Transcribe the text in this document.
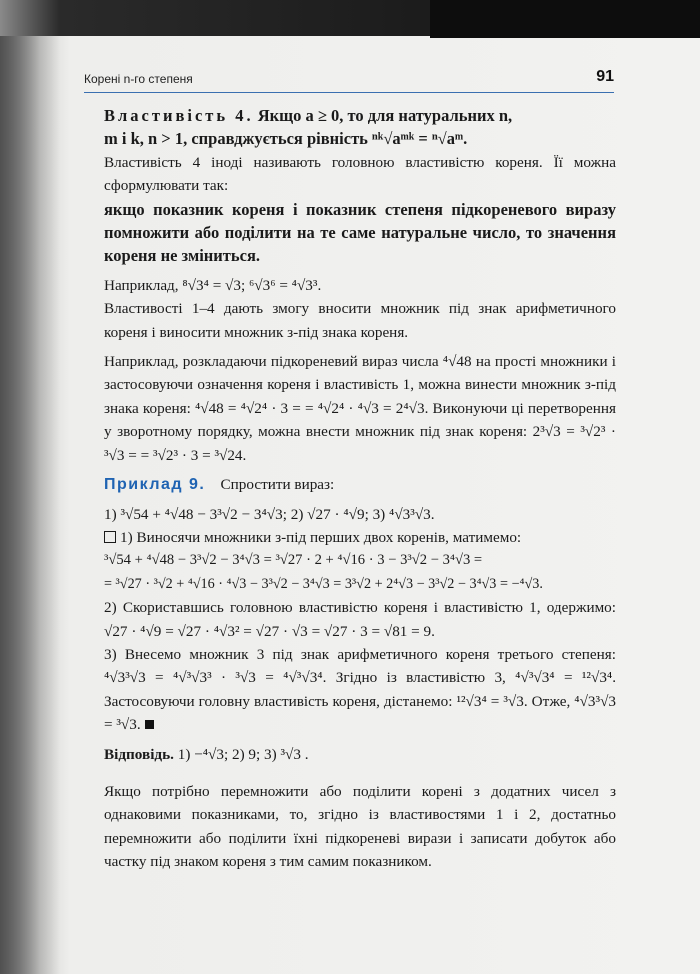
Корені n-го степеня	91

Властивість 4. Якщо a ≥ 0, то для натуральних n,

m і k, n > 1, справджується рівність ⁿᵏ√aᵐᵏ = ⁿ√aᵐ.

Властивість 4 іноді називають головною властивістю кореня. Її можна сформулювати так:

якщо показник кореня і показник степеня підкореневого виразу помножити або поділити на те саме натуральне число, то значення кореня не зміниться.

Наприклад, ⁸√3⁴ = √3; ⁶√3⁶ = ⁴√3³.

Властивості 1–4 дають змогу вносити множник під знак арифметичного кореня і виносити множник з-під знака кореня.

Наприклад, розкладаючи підкореневий вираз числа ⁴√48 на прості множники і застосовуючи означення кореня і властивість 1, можна винести множник з-під знака кореня: ⁴√48 = ⁴√2⁴ · 3 = = ⁴√2⁴ · ⁴√3 = 2⁴√3. Виконуючи ці перетворення у зворотному порядку, можна внести множник під знак кореня: 2³√3 = ³√2³ · ³√3 = = ³√2³ · 3 = ³√24.

Приклад 9. Спростити вираз:

1) ³√54 + ⁴√48 − 3³√2 − 3⁴√3; 2) √27 · ⁴√9; 3) ⁴√3³√3.

1) Виносячи множники з-під перших двох коренів, матимемо:

³√54 + ⁴√48 − 3³√2 − 3⁴√3 = ³√27 · 2 + ⁴√16 · 3 − 3³√2 − 3⁴√3 =

= ³√27 · ³√2 + ⁴√16 · ⁴√3 − 3³√2 − 3⁴√3 = 3³√2 + 2⁴√3 − 3³√2 − 3⁴√3 = −⁴√3.

2) Скориставшись головною властивістю кореня і властивістю 1, одержимо: √27 · ⁴√9 = √27 · ⁴√3² = √27 · √3 = √27 · 3 = √81 = 9.

3) Внесемо множник 3 під знак арифметичного кореня третього степеня: ⁴√3³√3 = ⁴√³√3³ · ³√3 = ⁴√³√3⁴. Згідно із властивістю 3, ⁴√³√3⁴ = ¹²√3⁴. Застосовуючи головну властивість кореня, дістанемо: ¹²√3⁴ = ³√3. Отже, ⁴√3³√3 = ³√3.

Відповідь. 1) −⁴√3; 2) 9; 3) ³√3 .

Якщо потрібно перемножити або поділити корені з додатних чисел з однаковими показниками, то, згідно із властивостями 1 і 2, достатньо перемножити або поділити їхні підкореневі вирази і записати добуток або частку під знаком кореня з тим самим показником.
